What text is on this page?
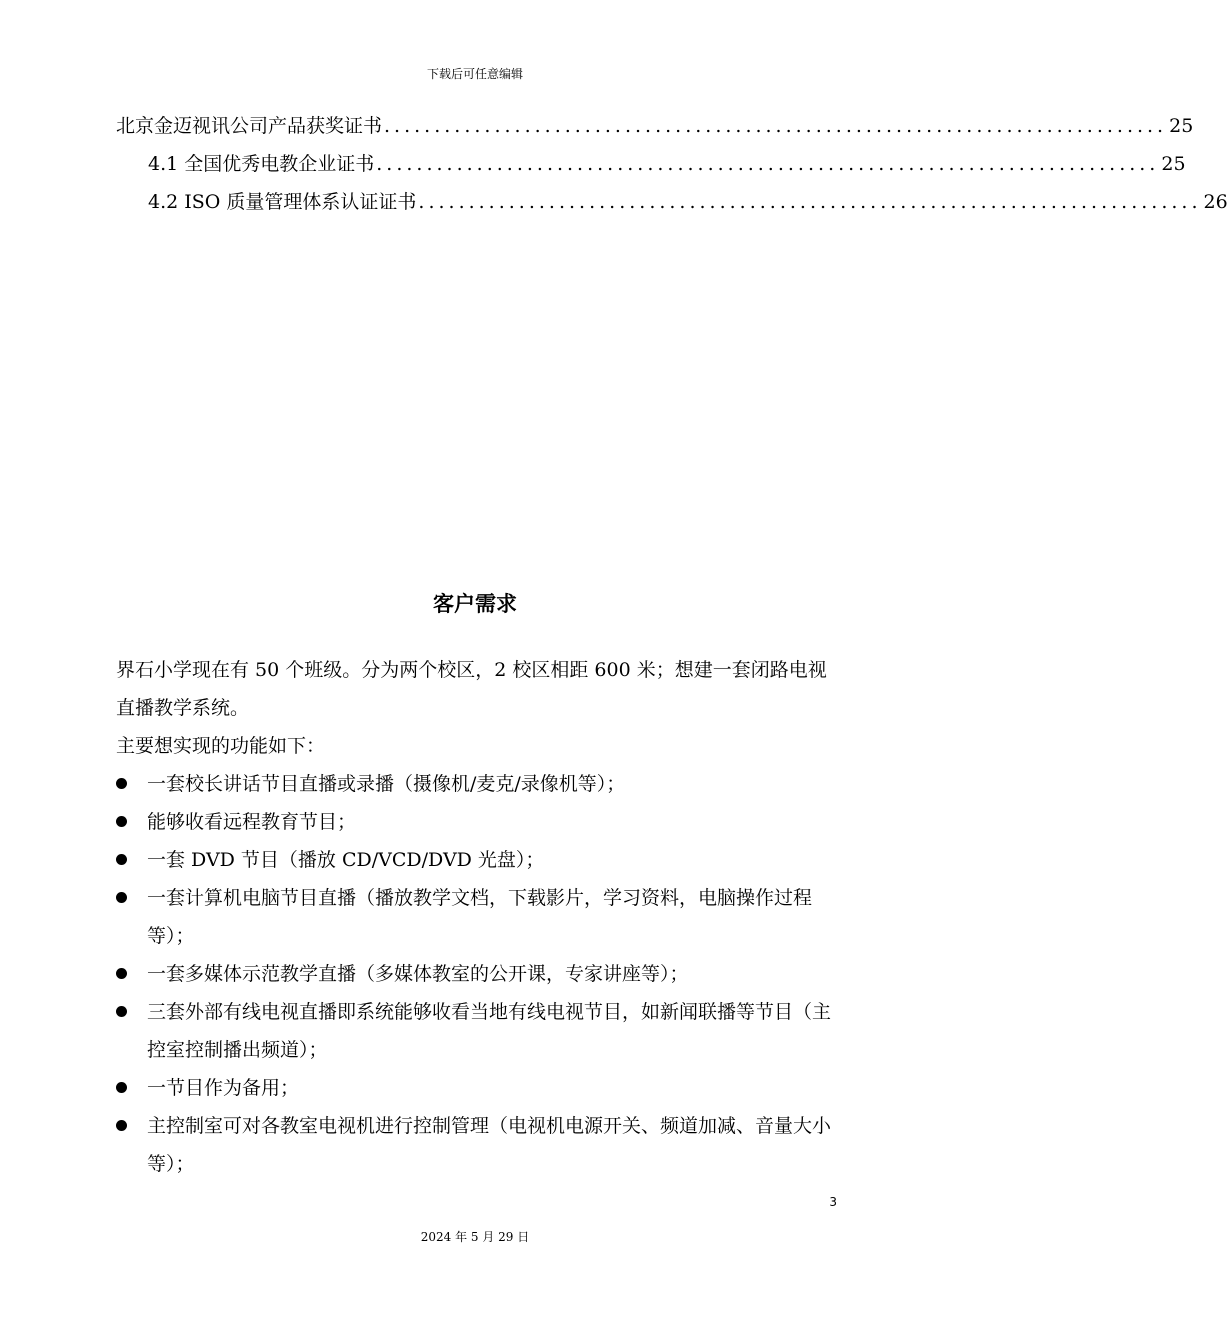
下载后可任意编辑
北京金迈视讯公司产品获奖证书 .............................................................................. 25
4.1 全国优秀电教企业证书 .............................................................................. 25
4.2 ISO 质量管理体系认证证书 .............................................................................. 26
客户需求

界石小学现在有 50 个班级。分为两个校区，2 校区相距 600 米；想建一套闭路电视直播教学系统。

主要想实现的功能如下：

一套校长讲话节目直播或录播（摄像机/麦克/录像机等）；
能够收看远程教育节目；
一套 DVD 节目（播放 CD/VCD/DVD 光盘）；
一套计算机电脑节目直播（播放教学文档，下载影片，学习资料，电脑操作过程等）；
一套多媒体示范教学直播（多媒体教室的公开课，专家讲座等）；
三套外部有线电视直播即系统能够收看当地有线电视节目，如新闻联播等节目（主控室控制播出频道）；
一节目作为备用；
主控制室可对各教室电视机进行控制管理（电视机电源开关、频道加减、音量大小等）；
3
2024 年 5 月 29 日
